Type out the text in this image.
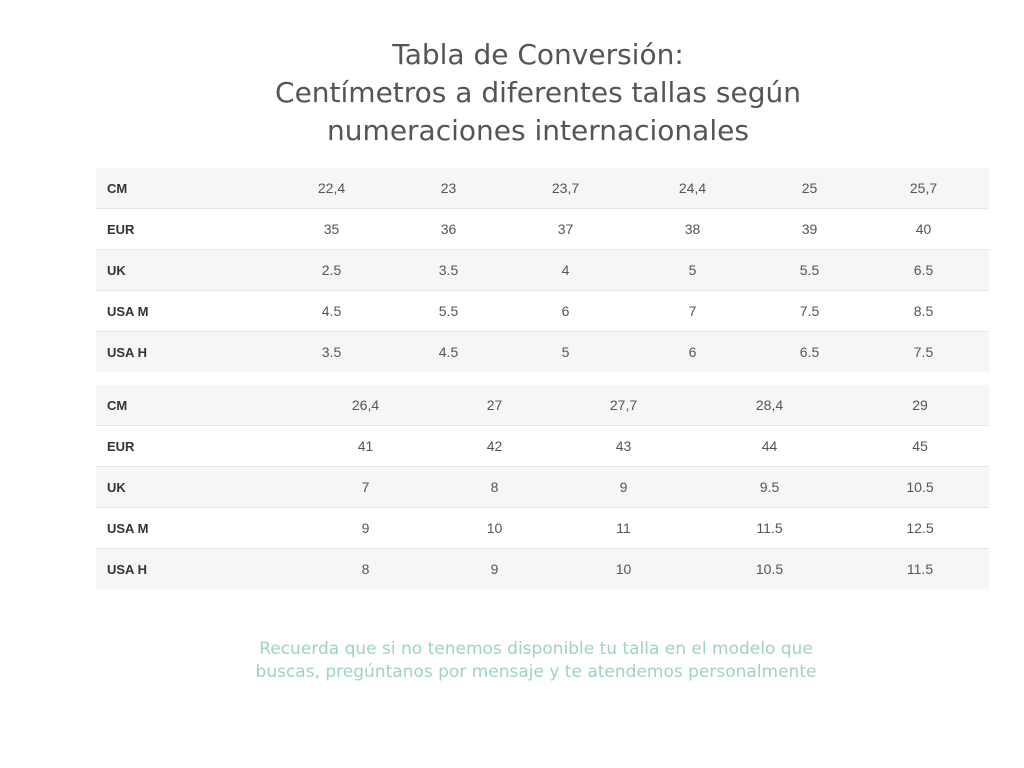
Tabla de Conversión:
Centímetros a diferentes tallas según
numeraciones internacionales
CM	22,4	23	23,7	24,4	25	25,7
EUR	35	36	37	38	39	40
UK	2.5	3.5	4	5	5.5	6.5
USA M	4.5	5.5	6	7	7.5	8.5
USA H	3.5	4.5	5	6	6.5	7.5
CM	26,4	27	27,7	28,4	29
EUR	41	42	43	44	45
UK	7	8	9	9.5	10.5
USA M	9	10	11	11.5	12.5
USA H	8	9	10	10.5	11.5

Recuerda que si no tenemos disponible tu talla en el modelo que
buscas, pregúntanos por mensaje y te atendemos personalmente
